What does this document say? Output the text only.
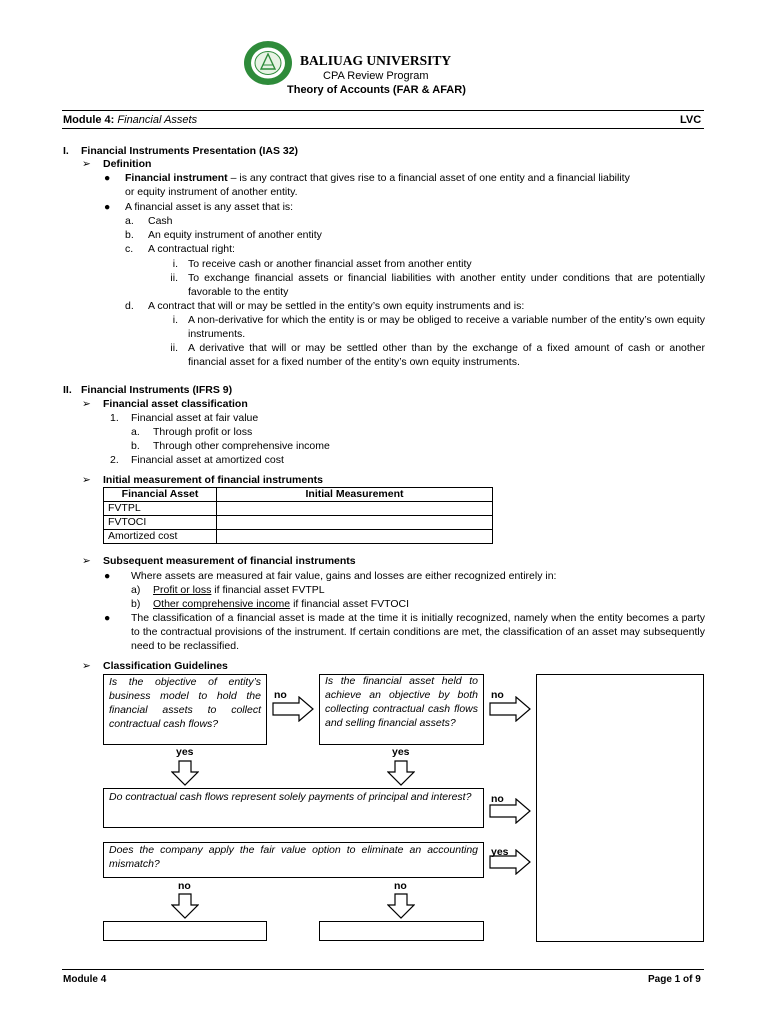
BALIUAG UNIVERSITY
CPA Review Program
Theory of Accounts (FAR & AFAR)
Module 4: Financial Assets	LVC
I. Financial Instruments Presentation (IAS 32)
➢ Definition
● Financial instrument – is any contract that gives rise to a financial asset of one entity and a financial liability
or equity instrument of another entity.
● A financial asset is any asset that is:
a. Cash
b. An equity instrument of another entity
c. A contractual right:
i. To receive cash or another financial asset from another entity
ii. To exchange financial assets or financial liabilities with another entity under conditions that are potentially favorable to the entity
d. A contract that will or may be settled in the entity’s own equity instruments and is:
i. A non-derivative for which the entity is or may be obliged to receive a variable number of the entity’s own equity instruments.
ii. A derivative that will or may be settled other than by the exchange of a fixed amount of cash or another financial asset for a fixed number of the entity’s own equity instruments.
II. Financial Instruments (IFRS 9)
➢ Financial asset classification
1. Financial asset at fair value
a. Through profit or loss
b. Through other comprehensive income
2. Financial asset at amortized cost
➢ Initial measurement of financial instruments
Financial Asset	Initial Measurement
FVTPL	
FVTOCI	
Amortized cost	
➢ Subsequent measurement of financial instruments
● Where assets are measured at fair value, gains and losses are either recognized entirely in:
a) Profit or loss if financial asset FVTPL
b) Other comprehensive income if financial asset FVTOCI
● The classification of a financial asset is made at the time it is initially recognized, namely when the entity becomes a party to the contractual provisions of the instrument. If certain conditions are met, the classification of an asset may subsequently need to be reclassified.
➢ Classification Guidelines
Is the objective of entity’s business model to hold the financial assets to collect contractual cash flows?
Is the financial asset held to achieve an objective by both collecting contractual cash flows and selling financial assets?
Do contractual cash flows represent solely payments of principal and interest?
Does the company apply the fair value option to eliminate an accounting mismatch?
no	no
no
yes
yes	yes
no	no
Module 4	Page 1 of 9
